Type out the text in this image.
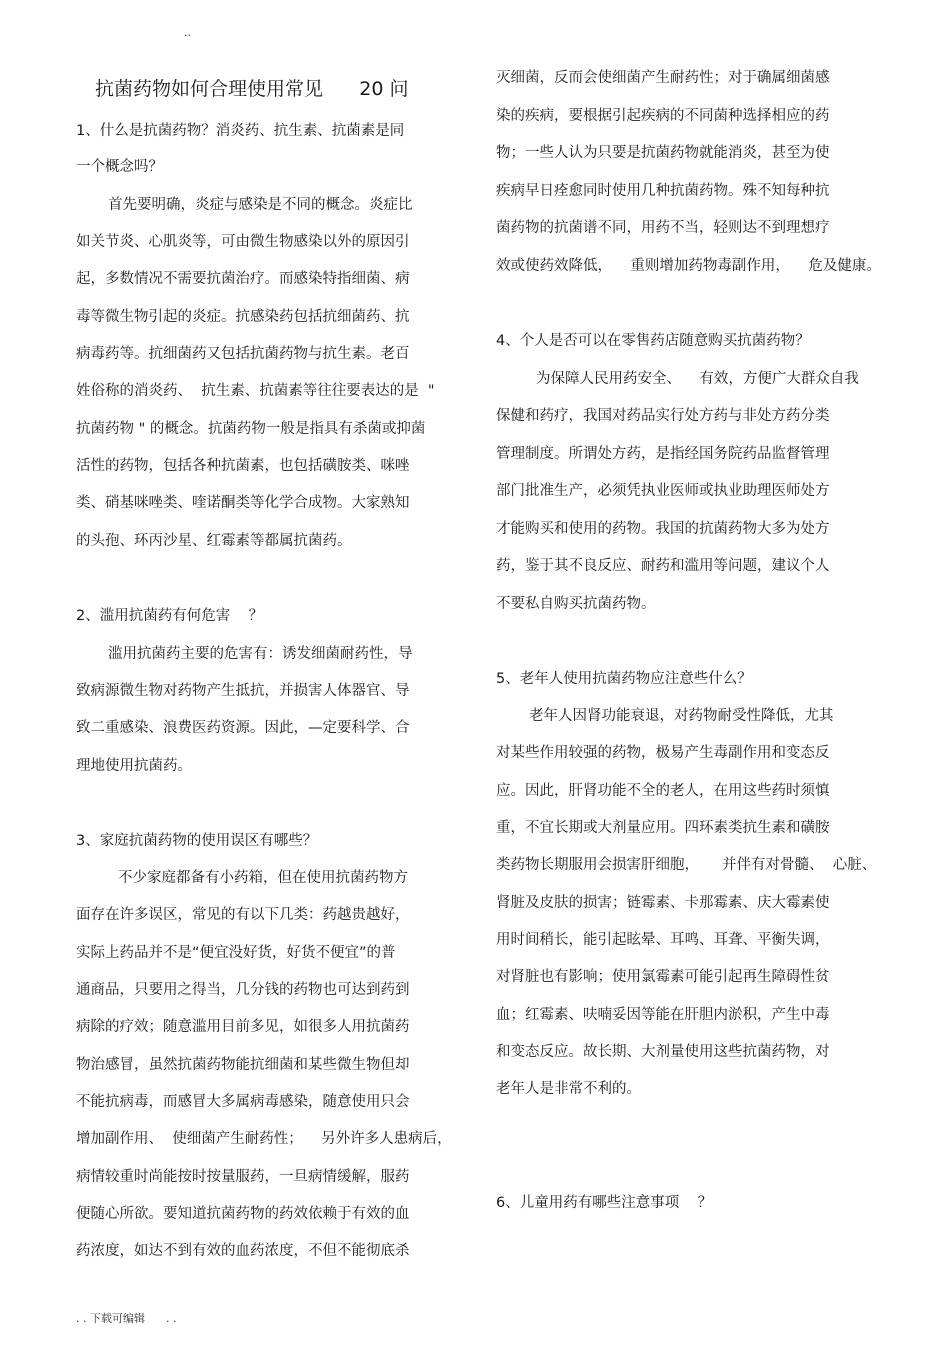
..
抗菌药物如何合理使用常见      20 问
1、什么是抗菌药物？消炎药、抗生素、抗菌素是同
一个概念吗？
首先要明确，炎症与感染是不同的概念。炎症比
如关节炎、心肌炎等，可由微生物感染以外的原因引
起，多数情况不需要抗菌治疗。而感染特指细菌、病
毒等微生物引起的炎症。抗感染药包括抗细菌药、抗
病毒药等。抗细菌药又包括抗菌药物与抗生素。老百
姓俗称的消炎药、  抗生素、抗菌素等往往要表达的是  "
抗菌药物 " 的概念。抗菌药物一般是指具有杀菌或抑菌
活性的药物，包括各种抗菌素，也包括磺胺类、咪唑
类、硝基咪唑类、喹诺酮类等化学合成物。大家熟知
的头孢、环丙沙星、红霉素等都属抗菌药。
2、滥用抗菌药有何危害    ？
滥用抗菌药主要的危害有：诱发细菌耐药性，导
致病源微生物对药物产生抵抗，并损害人体器官、导
致二重感染、浪费医药资源。因此，—定要科学、合
理地使用抗菌药。
3、家庭抗菌药物的使用误区有哪些？
不少家庭都备有小药箱，但在使用抗菌药物方
面存在许多误区，常见的有以下几类：药越贵越好，
实际上药品并不是“便宜没好货，好货不便宜”的普
通商品，只要用之得当，几分钱的药物也可达到药到
病除的疗效；随意滥用目前多见，如很多人用抗菌药
物治感冒，虽然抗菌药物能抗细菌和某些微生物但却
不能抗病毒，而感冒大多属病毒感染，随意使用只会
增加副作用、  使细菌产生耐药性；    另外许多人患病后，
病情较重时尚能按时按量服药，一旦病情缓解，服药
便随心所欲。要知道抗菌药物的药效依赖于有效的血
药浓度，如达不到有效的血药浓度，不但不能彻底杀
灭细菌，反而会使细菌产生耐药性；对于确属细菌感
染的疾病，要根据引起疾病的不同菌种选择相应的药
物；一些人认为只要是抗菌药物就能消炎，甚至为使
疾病早日痊愈同时使用几种抗菌药物。殊不知每种抗
菌药物的抗菌谱不同，用药不当，轻则达不到理想疗
效或使药效降低，    重则增加药物毒副作用，    危及健康。
4、个人是否可以在零售药店随意购买抗菌药物？
为保障人民用药安全、    有效，方便广大群众自我
保健和药疗，我国对药品实行处方药与非处方药分类
管理制度。所谓处方药，是指经国务院药品监督管理
部门批准生产，必须凭执业医师或执业助理医师处方
才能购买和使用的药物。我国的抗菌药物大多为处方
药，鉴于其不良反应、耐药和滥用等问题，建议个人
不要私自购买抗菌药物。
5、老年人使用抗菌药物应注意些什么？
老年人因肾功能衰退，对药物耐受性降低，尤其
对某些作用较强的药物，极易产生毒副作用和变态反
应。因此，肝肾功能不全的老人，在用这些药时须慎
重，不宜长期或大剂量应用。四环素类抗生素和磺胺
类药物长期服用会损害肝细胞，     并伴有对骨髓、  心脏、
肾脏及皮肤的损害；链霉素、卡那霉素、庆大霉素使
用时间稍长，能引起眩晕、耳鸣、耳聋、平衡失调，
对肾脏也有影响；使用氯霉素可能引起再生障碍性贫
血；红霉素、呋喃妥因等能在肝胆内淤积，产生中毒
和变态反应。故长期、大剂量使用这些抗菌药物，对
老年人是非常不利的。
6、儿童用药有哪些注意事项    ？
. . 下载可编辑      . .
